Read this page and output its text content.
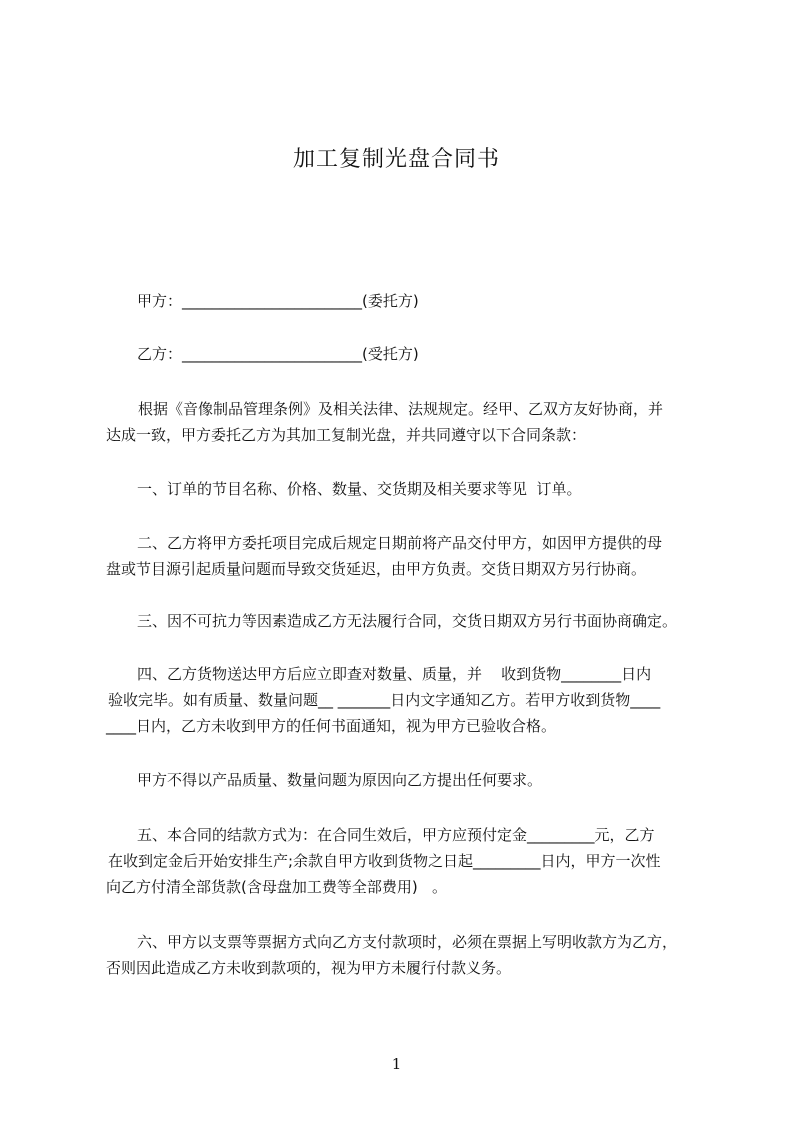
加工复制光盘合同书
甲方：________________________(委托方)
乙方：________________________(受托方)
根据《音像制品管理条例》及相关法律、法规规定。经甲、乙双方友好协商，并
达成一致，甲方委托乙方为其加工复制光盘，并共同遵守以下合同条款：
一、订单的节目名称、价格、数量、交货期及相关要求等见  订单。
二、乙方将甲方委托项目完成后规定日期前将产品交付甲方，如因甲方提供的母
盘或节目源引起质量问题而导致交货延迟，由甲方负责。交货日期双方另行协商。
三、因不可抗力等因素造成乙方无法履行合同，交货日期双方另行书面协商确定。
四、乙方货物送达甲方后应立即查对数量、质量，并    收到货物________日内
验收完毕。如有质量、数量问题__ _______日内文字通知乙方。若甲方收到货物____
____日内，乙方未收到甲方的任何书面通知，视为甲方已验收合格。
甲方不得以产品质量、数量问题为原因向乙方提出任何要求。
五、本合同的结款方式为：在合同生效后，甲方应预付定金_________元，乙方
在收到定金后开始安排生产;余款自甲方收到货物之日起_________日内，甲方一次性
向乙方付清全部货款(含母盘加工费等全部费用)   。
六、甲方以支票等票据方式向乙方支付款项时，必须在票据上写明收款方为乙方，
否则因此造成乙方未收到款项的，视为甲方未履行付款义务。
1
